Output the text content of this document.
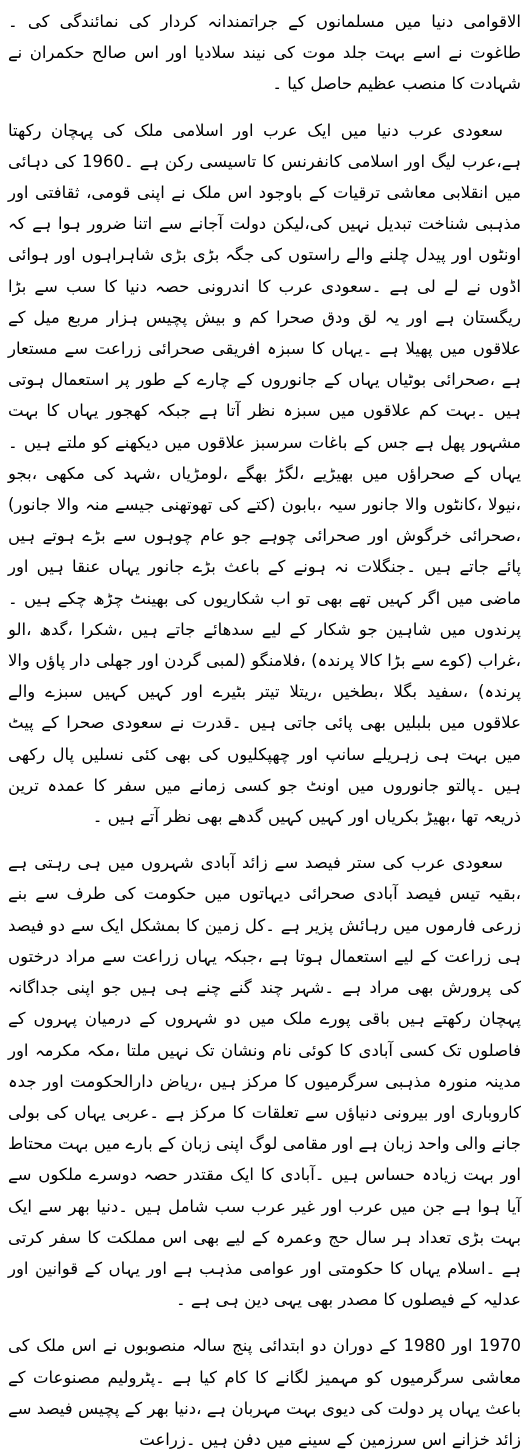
الاقوامی دنیا میں مسلمانوں کے جراتمندانہ کردار کی نمائندگی کی ۔طاغوت نے اسے بہت جلد موت کی نیند سلادیا اور اس صالح حکمران نے شہادت کا منصب عظیم حاصل کیا ۔

سعودی عرب دنیا میں ایک عرب اور اسلامی ملک کی پہچان رکھتا ہے،عرب لیگ اور اسلامی کانفرنس کا تاسیسی رکن ہے ۔1960 کی دہائی میں انقلابی معاشی ترقیات کے باوجود اس ملک نے اپنی قومی، ثقافتی اور مذہبی شناخت تبدیل نہیں کی،لیکن دولت آجانے سے اتنا ضرور ہوا ہے کہ اونٹوں اور پیدل چلنے والے راستوں کی جگہ بڑی بڑی شاہراہوں اور ہوائی اڈوں نے لے لی ہے ۔سعودی عرب کا اندرونی حصہ دنیا کا سب سے بڑا ریگستان ہے اور یہ لق ودق صحرا کم و بیش پچیس ہزار مربع میل کے علاقوں میں پھیلا ہے ۔یہاں کا سبزہ افریقی صحرائی زراعت سے مستعار ہے ،صحرائی بوٹیاں یہاں کے جانوروں کے چارے کے طور پر استعمال ہوتی ہیں ۔بہت کم علاقوں میں سبزہ نظر آتا ہے جبکہ کھجور یہاں کا بہت مشہور پھل ہے جس کے باغات سرسبز علاقوں میں دیکھنے کو ملتے ہیں ۔یہاں کے صحراؤں میں بھیڑیے ،لگڑ بھگے ،لومڑیاں ،شہد کی مکھی ،بجو ،نیولا ،کانٹوں والا جانور سیہ ،بابون (کتے کی تھوتھنی جیسے منہ والا جانور) ،صحرائی خرگوش اور صحرائی چوہے جو عام چوہوں سے بڑے ہوتے ہیں پائے جاتے ہیں ۔جنگلات نہ ہونے کے باعث بڑے جانور یہاں عنقا ہیں اور ماضی میں اگر کہیں تھے بھی تو اب شکاریوں کی بھینٹ چڑھ چکے ہیں ۔پرندوں میں شاہین جو شکار کے لیے سدھائے جاتے ہیں ،شکرا ،گدھ ،الو ،غراب (کوے سے بڑا کالا پرندہ) ،فلامنگو (لمبی گردن اور جھلی دار پاؤں والا پرندہ) ،سفید بگلا ،بطخیں ،ریتلا تیتر بٹیرے اور کہیں کہیں سبزے والے علاقوں میں بلبلیں بھی پائی جاتی ہیں ۔قدرت نے سعودی صحرا کے پیٹ میں بہت ہی زہریلے سانپ اور چھپکلیوں کی بھی کئی نسلیں پال رکھی ہیں ۔پالتو جانوروں میں اونٹ جو کسی زمانے میں سفر کا عمدہ ترین ذریعہ تھا ،بھیڑ بکریاں اور کہیں کہیں گدھے بھی نظر آتے ہیں ۔

سعودی عرب کی ستر فیصد سے زائد آبادی شہروں میں ہی رہتی ہے ،بقیہ تیس فیصد آبادی صحرائی دیہاتوں میں حکومت کی طرف سے بنے زرعی فارموں میں رہائش پزیر ہے ۔کل زمین کا بمشکل ایک سے دو فیصد ہی زراعت کے لیے استعمال ہوتا ہے ،جبکہ یہاں زراعت سے مراد درختوں کی پرورش بھی مراد ہے ۔شہر چند گنے چنے ہی ہیں جو اپنی جداگانہ پہچان رکھتے ہیں باقی پورے ملک میں دو شہروں کے درمیان پہروں کے فاصلوں تک کسی آبادی کا کوئی نام ونشان تک نہیں ملتا ،مکہ مکرمہ اور مدینہ منورہ مذہبی سرگرمیوں کا مرکز ہیں ،ریاض دارالحکومت اور جدہ کاروباری اور بیرونی دنیاؤں سے تعلقات کا مرکز ہے ۔عربی یہاں کی بولی جانے والی واحد زبان ہے اور مقامی لوگ اپنی زبان کے بارے میں بہت محتاط اور بہت زیادہ حساس ہیں ۔آبادی کا ایک مقتدر حصہ دوسرے ملکوں سے آیا ہوا ہے جن میں عرب اور غیر عرب سب شامل ہیں ۔دنیا بھر سے ایک بہت بڑی تعداد ہر سال حج وعمرہ کے لیے بھی اس مملکت کا سفر کرتی ہے ۔اسلام یہاں کا حکومتی اور عوامی مذہب ہے اور یہاں کے قوانین اور عدلیہ کے فیصلوں کا مصدر بھی یہی دین ہی ہے ۔

1970 اور 1980 کے دوران دو ابتدائی پنج سالہ منصوبوں نے اس ملک کی معاشی سرگرمیوں کو مہمیز لگانے کا کام کیا ہے ۔پٹرولیم مصنوعات کے باعث یہاں پر دولت کی دیوی بہت مہربان ہے ،دنیا بھر کے پچیس فیصد سے زائد خزانے اس سرزمین کے سینے میں دفن ہیں ۔زراعت
